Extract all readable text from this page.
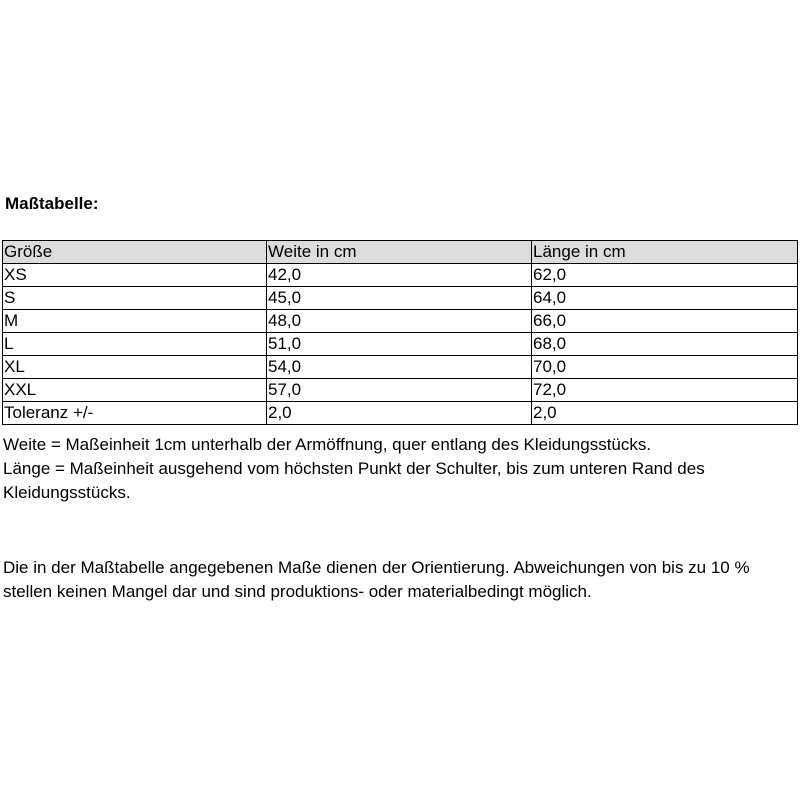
Maßtabelle:
Größe	Weite in cm	Länge in cm
XS	42,0	62,0
S	45,0	64,0
M	48,0	66,0
L	51,0	68,0
XL	54,0	70,0
XXL	57,0	72,0
Toleranz +/-	2,0	2,0

Weite = Maßeinheit 1cm unterhalb der Armöffnung, quer entlang des Kleidungsstücks.

Länge = Maßeinheit ausgehend vom höchsten Punkt der Schulter, bis zum unteren Rand des Kleidungsstücks.

Die in der Maßtabelle angegebenen Maße dienen der Orientierung. Abweichungen von bis zu 10 % stellen keinen Mangel dar und sind produktions- oder materialbedingt möglich.
